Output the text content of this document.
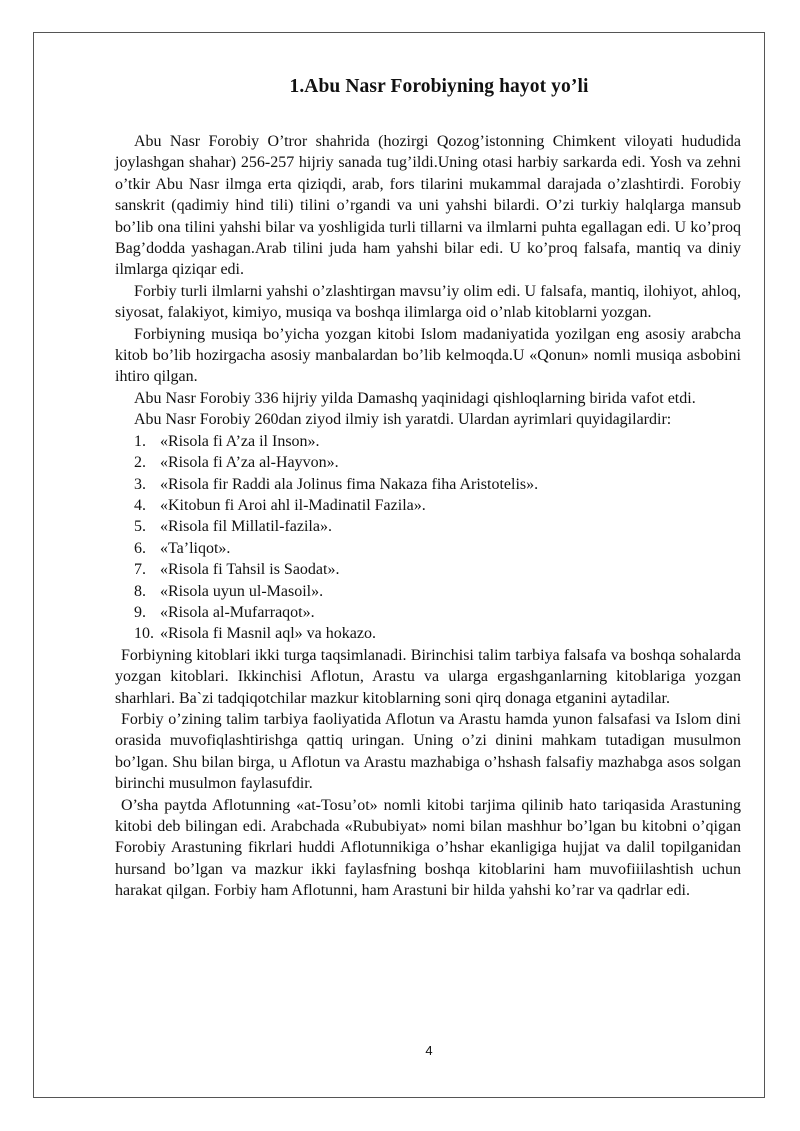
1.Abu Nasr Forobiyning hayot yo’li

Abu Nasr Forobiy O’tror shahrida (hozirgi Qozog’istonning Chimkent viloyati hududida joylashgan shahar) 256-257 hijriy sanada tug’ildi.Uning otasi harbiy sarkarda edi. Yosh va zehni o’tkir Abu Nasr ilmga erta qiziqdi, arab, fors tilarini mukammal darajada o’zlashtirdi. Forobiy sanskrit (qadimiy hind tili) tilini o’rgandi va uni yahshi bilardi. O’zi turkiy halqlarga mansub bo’lib ona tilini yahshi bilar va yoshligida turli tillarni va ilmlarni puhta egallagan edi. U ko’proq Bag’dodda yashagan.Arab tilini juda ham yahshi bilar edi. U ko’proq falsafa, mantiq va diniy ilmlarga qiziqar edi.

Forbiy turli ilmlarni yahshi o’zlashtirgan mavsu’iy olim edi. U falsafa, mantiq, ilohiyot, ahloq, siyosat, falakiyot, kimiyo, musiqa va boshqa ilimlarga oid o’nlab kitoblarni yozgan.

Forbiyning musiqa bo’yicha yozgan kitobi Islom madaniyatida yozilgan eng asosiy arabcha kitob bo’lib hozirgacha asosiy manbalardan bo’lib kelmoqda.U «Qonun» nomli musiqa asbobini ihtiro qilgan.

Abu Nasr Forobiy 336 hijriy yilda Damashq yaqinidagi qishloqlarning birida vafot etdi.

Abu Nasr Forobiy 260dan ziyod ilmiy ish yaratdi. Ulardan ayrimlari quyidagilardir:

1. «Risola fi A’za il Inson».
2. «Risola fi A’za al-Hayvon».
3. «Risola fir Raddi ala Jolinus fima Nakaza fiha Aristotelis».
4. «Kitobun fi Aroi ahl il-Madinatil Fazila».
5. «Risola fil Millatil-fazila».
6. «Ta’liqot».
7. «Risola fi Tahsil is Saodat».
8. «Risola uyun ul-Masoil».
9. «Risola al-Mufarraqot».
10. «Risola fi Masnil aql» va hokazo.

Forbiyning kitoblari ikki turga taqsimlanadi. Birinchisi talim tarbiya falsafa va boshqa sohalarda yozgan kitoblari. Ikkinchisi Aflotun, Arastu va ularga ergashganlarning kitoblariga yozgan sharhlari. Ba`zi tadqiqotchilar mazkur kitoblarning soni qirq donaga etganini aytadilar.

Forbiy o’zining talim tarbiya faoliyatida Aflotun va Arastu hamda yunon falsafasi va Islom dini orasida muvofiqlashtirishga qattiq uringan. Uning o’zi dinini mahkam tutadigan musulmon bo’lgan. Shu bilan birga, u Aflotun va Arastu mazhabiga o’hshash falsafiy mazhabga asos solgan birinchi musulmon faylasufdir.

O’sha paytda Aflotunning «at-Tosu’ot» nomli kitobi tarjima qilinib hato tariqasida Arastuning kitobi deb bilingan edi. Arabchada «Rububiyat» nomi bilan mashhur bo’lgan bu kitobni o’qigan Forobiy Arastuning fikrlari huddi Aflotunnikiga o’hshar ekanligiga hujjat va dalil topilganidan hursand bo’lgan va mazkur ikki faylasfning boshqa kitoblarini ham muvofiiilashtish uchun harakat qilgan. Forbiy ham Aflotunni, ham Arastuni bir hilda yahshi ko’rar va qadrlar edi.

4
